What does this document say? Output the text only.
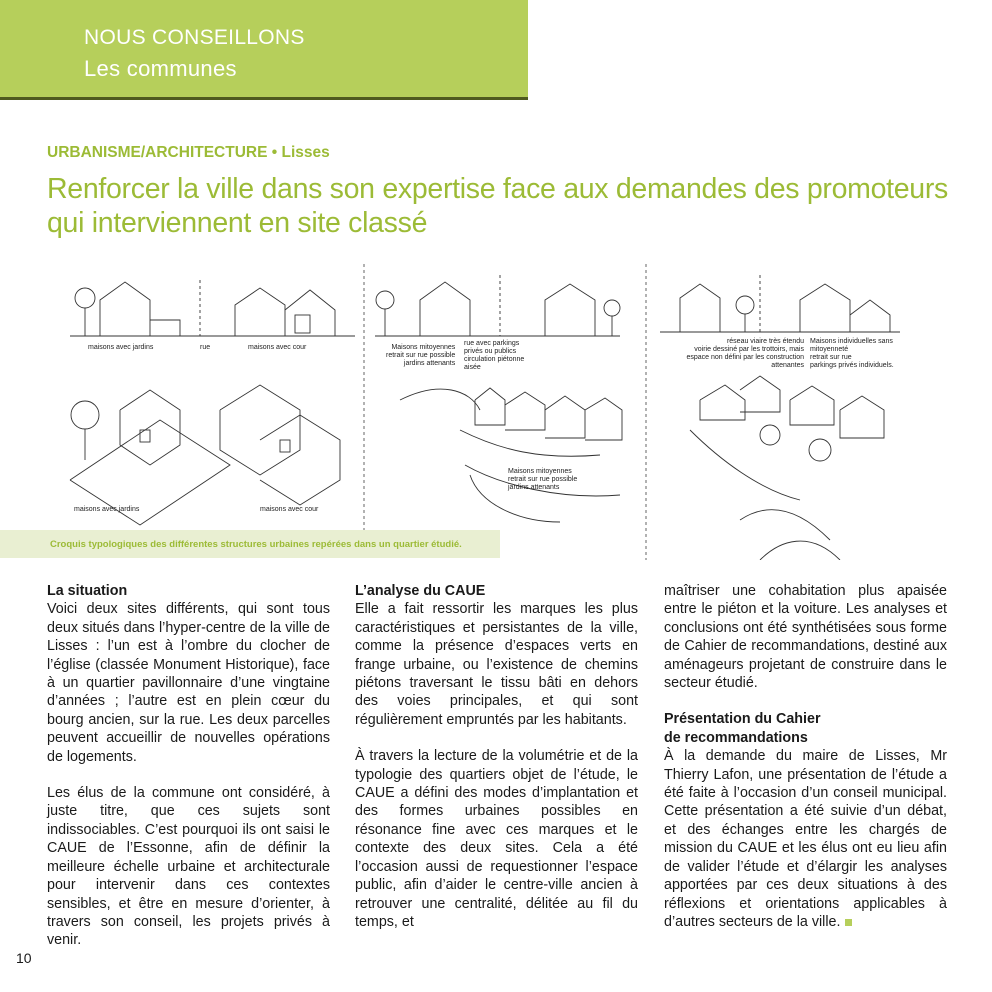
NOUS CONSEILLONS
Les communes
URBANISME/ARCHITECTURE • Lisses
Renforcer la ville dans son expertise face aux demandes des promoteurs qui interviennent en site classé
maisons avec jardins	rue	maisons avec cour
maisons avec jardins	maisons avec cour
Maisons mitoyennes
retrait sur rue possible
jardins attenants
rue avec parkings
privés ou publics
circulation piétonne
aisée
Maisons mitoyennes
retrait sur rue possible
jardins attenants
réseau viaire très étendu
voirie dessiné par les trottoirs, mais
espace non défini par les construction
attenantes
Maisons individuelles sans
mitoyenneté
retrait sur rue
parkings privés individuels.
Croquis typologiques des différentes structures urbaines repérées dans un quartier étudié.
La situation

Voici deux sites différents, qui sont tous deux situés dans l’hyper-centre de la ville de Lisses : l’un est à l’ombre du clocher de l’église (classée Monument Historique), face à un quartier pavillonnaire d’une vingtaine d’années ; l’autre est en plein cœur du bourg ancien, sur la rue. Les deux parcelles peuvent accueillir de nouvelles opérations de logements.

Les élus de la commune ont considéré, à juste titre, que ces sujets sont indissociables. C’est pourquoi ils ont saisi le CAUE de l’Essonne, afin de définir la meilleure échelle urbaine et architecturale pour intervenir dans ces contextes sensibles, et être en mesure d’orienter, à travers son conseil, les projets privés à venir.

L’analyse du CAUE

Elle a fait ressortir les marques les plus caractéristiques et persistantes de la ville, comme la présence d’espaces verts en frange urbaine, ou l’existence de chemins piétons traversant le tissu bâti en dehors des voies principales, et qui sont régulièrement empruntés par les habitants.

À travers la lecture de la volumétrie et de la typologie des quartiers objet de l’étude, le CAUE a défini des modes d’implantation et des formes urbaines possibles en résonance fine avec ces marques et le contexte des deux sites. Cela a été l’occasion aussi de requestionner l’espace public, afin d’aider le centre-ville ancien à retrouver une centralité, délitée au fil du temps, et

maîtriser une cohabitation plus apaisée entre le piéton et la voiture. Les analyses et conclusions ont été synthétisées sous forme de Cahier de recommandations, destiné aux aménageurs projetant de construire dans le secteur étudié.

Présentation du Cahier
de recommandations

À la demande du maire de Lisses, Mr Thierry Lafon, une présentation de l’étude a été faite à l’occasion d’un conseil municipal. Cette présentation a été suivie d’un débat, et des échanges entre les chargés de mission du CAUE et les élus ont eu lieu afin de valider l’étude et d’élargir les analyses apportées par ces deux situations à des réflexions et orientations applicables à d’autres secteurs de la ville.

10
